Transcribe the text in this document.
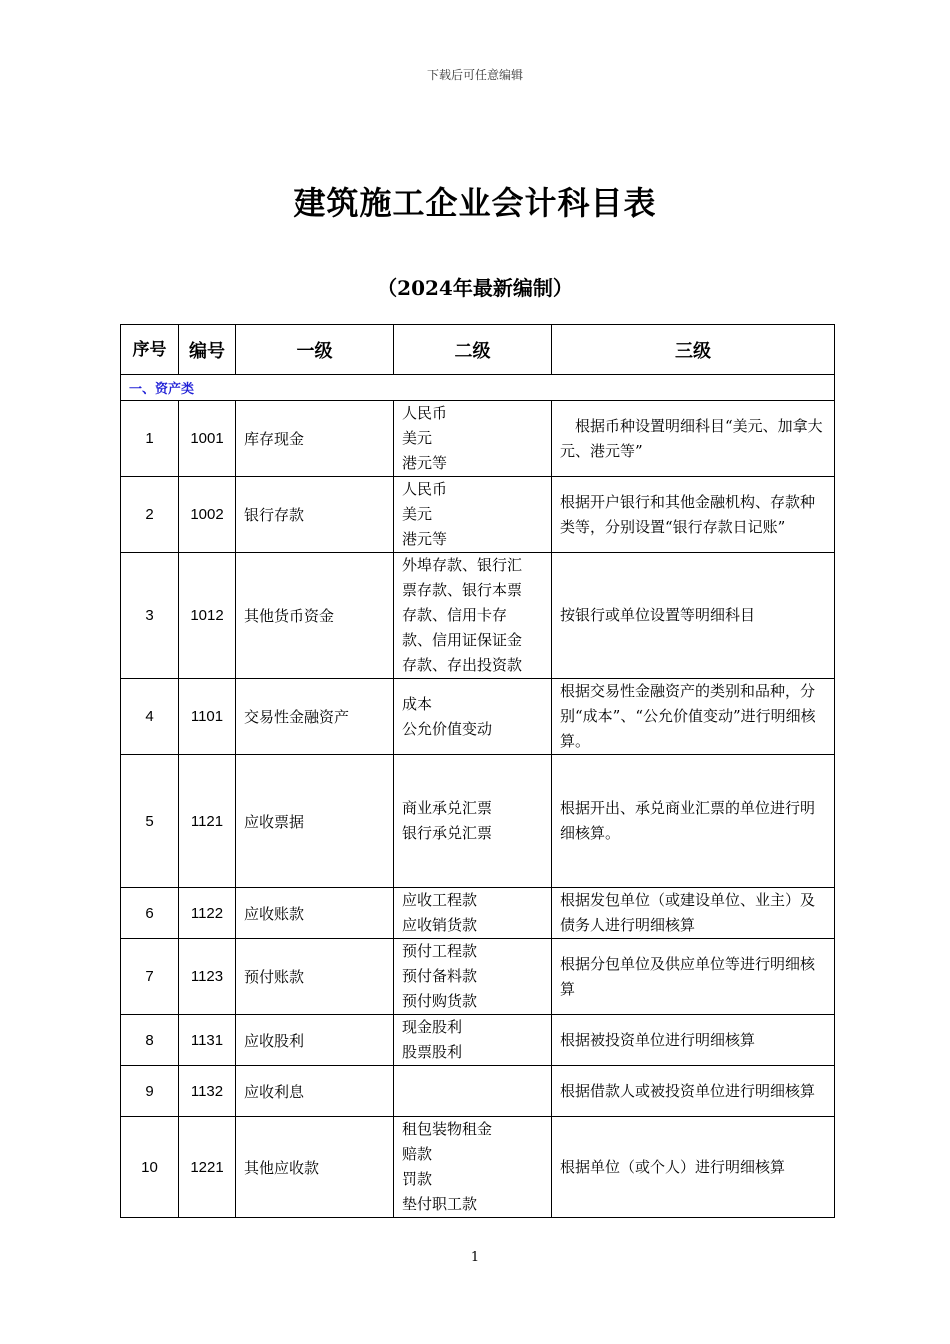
下载后可任意编辑
建筑施工企业会计科目表
（2024年最新编制）
序号	编号	一级	二级	三级
一、资产类				
1	1001	库存现金	人民币
美元
港元等	根据币种设置明细科目“美元、加拿大元、港元等”
2	1002	银行存款	人民币
美元
港元等	根据开户银行和其他金融机构、存款种类等，分别设置“银行存款日记账”
3	1012	其他货币资金	外埠存款、银行汇
票存款、银行本票
存款、信用卡存
款、信用证保证金
存款、存出投资款	按银行或单位设置等明细科目
4	1101	交易性金融资产	成本
公允价值变动	根据交易性金融资产的类别和品种，分别“成本”、“公允价值变动”进行明细核算。
5	1121	应收票据	商业承兑汇票
银行承兑汇票	根据开出、承兑商业汇票的单位进行明细核算。
6	1122	应收账款	应收工程款
应收销货款	根据发包单位（或建设单位、业主）及债务人进行明细核算
7	1123	预付账款	预付工程款
预付备料款
预付购货款	根据分包单位及供应单位等进行明细核算
8	1131	应收股利	现金股利
股票股利	根据被投资单位进行明细核算
9	1132	应收利息		根据借款人或被投资单位进行明细核算
10	1221	其他应收款	租包装物租金
赔款
罚款
垫付职工款	根据单位（或个人）进行明细核算
1
